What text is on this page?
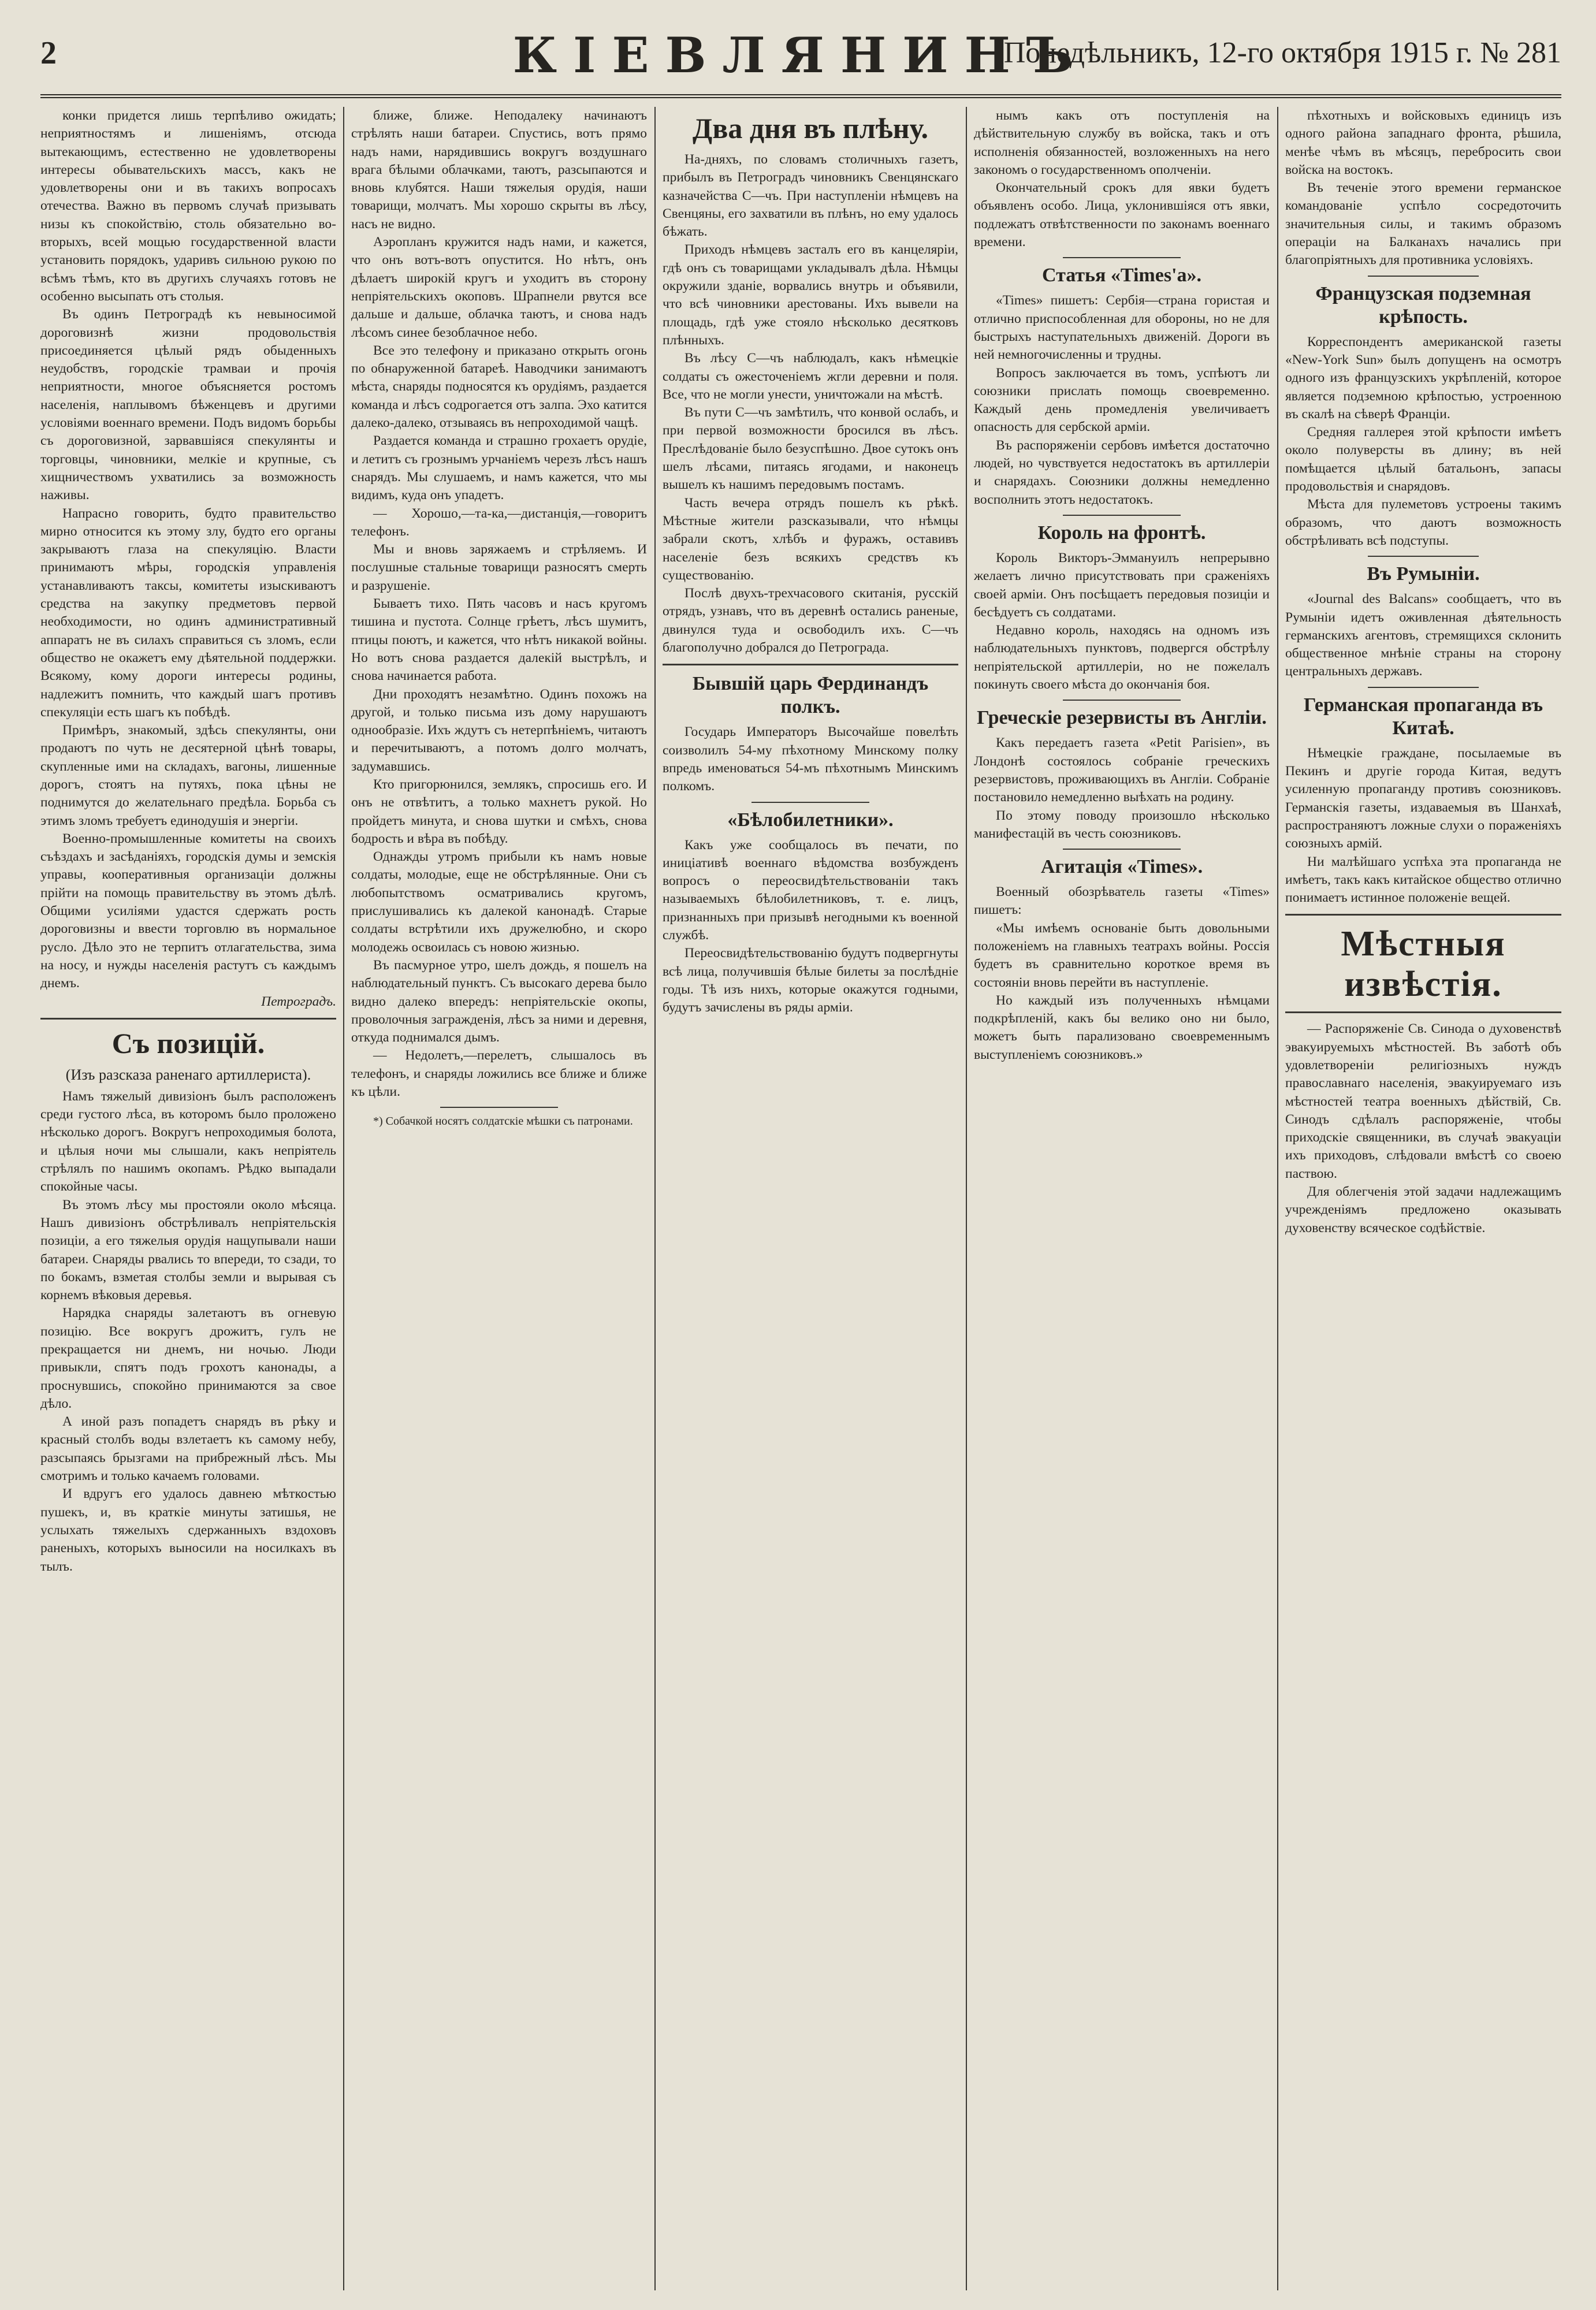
2	КІЕВЛЯНИНЪ
Понедѣльникъ, 12-го октября 1915 г. № 281

конки придется лишь терпѣливо ожидать; неприятностямъ и лишеніямъ, отсюда вытекающимъ, естественно не удовлетворены интересы обывательскихъ массъ, какъ не удовлетворены они и въ такихъ вопросахъ отечества. Важно въ первомъ случаѣ призывать низы къ спокойствію, столь обязательно во-вторыхъ, всей мощью государственной власти установить порядокъ, ударивъ сильною рукою по всѣмъ тѣмъ, кто въ другихъ случаяхъ готовъ не особенно высыпать отъ столыя.

Въ одинъ Петроградѣ къ невыносимой дороговизнѣ жизни продовольствія присоединяется цѣлый рядъ обыденныхъ неудобствъ, городскіе трамваи и прочія неприятности, многое объясняется ростомъ населенія, наплывомъ бѣженцевъ и другими условіями военнаго времени. Подъ видомъ борьбы съ дороговизной, зарвавшіяся спекулянты и торговцы, чиновники, мелкіе и крупные, съ хищничествомъ ухватились за возможность наживы.

Напрасно говорить, будто правительство мирно относится къ этому злу, будто его органы закрываютъ глаза на спекуляцію. Власти принимаютъ мѣры, городскія управленія устанавливаютъ таксы, комитеты изыскиваютъ средства на закупку предметовъ первой необходимости, но одинъ административный аппаратъ не въ силахъ справиться съ зломъ, если общество не окажетъ ему дѣятельной поддержки. Всякому, кому дороги интересы родины, надлежитъ помнить, что каждый шагъ противъ спекуляціи есть шагъ къ побѣдѣ.

Примѣръ, знакомый, здѣсь спекулянты, они продаютъ по чуть не десятерной цѣнѣ товары, скупленные ими на складахъ, вагоны, лишенные дорогъ, стоятъ на путяхъ, пока цѣны не поднимутся до желательнаго предѣла. Борьба съ этимъ зломъ требуетъ единодушія и энергіи.

Военно-промышленные комитеты на своихъ съѣздахъ и засѣданіяхъ, городскія думы и земскія управы, кооперативныя организаціи должны прійти на помощь правительству въ этомъ дѣлѣ. Общими усиліями удастся сдержать рость дороговизны и ввести торговлю въ нормальное русло. Дѣло это не терпитъ отлагательства, зима на носу, и нужды населенія растутъ съ каждымъ днемъ.

Петроградъ.
Съ позицій.
(Изъ разсказа раненаго артиллериста).

Намъ тяжелый дивизіонъ былъ расположенъ среди густого лѣса, въ которомъ было проложено нѣсколько дорогъ. Вокругъ непроходимыя болота, и цѣлыя ночи мы слышали, какъ непріятель стрѣлялъ по нашимъ окопамъ. Рѣдко выпадали спокойные часы.

Въ этомъ лѣсу мы простояли около мѣсяца. Нашъ дивизіонъ обстрѣливалъ непріятельскія позиціи, а его тяжелыя орудія нащупывали наши батареи. Снаряды рвались то впереди, то сзади, то по бокамъ, взметая столбы земли и вырывая съ корнемъ вѣковыя деревья.

Нарядка снаряды залетаютъ въ огневую позицію. Все вокругъ дрожитъ, гулъ не прекращается ни днемъ, ни ночью. Люди привыкли, спятъ подъ грохотъ канонады, а проснувшись, спокойно принимаются за свое дѣло.

А иной разъ попадетъ снарядъ въ рѣку и красный столбъ воды взлетаетъ къ самому небу, разсыпаясь брызгами на прибрежный лѣсъ. Мы смотримъ и только качаемъ головами.

И вдругъ его удалось давнею мѣткостью пушекъ, и, въ краткіе минуты затишья, не услыхать тяжелыхъ сдержанныхъ вздоховъ раненыхъ, которыхъ выносили на носилкахъ въ тылъ.

ближе, ближе. Неподалеку начинаютъ стрѣлять наши батареи. Спустись, вотъ прямо надъ нами, нарядившись вокругъ воздушнаго врага бѣлыми облачками, таютъ, разсыпаются и вновь клубятся. Наши тяжелыя орудія, наши товарищи, молчатъ. Мы хорошо скрыты въ лѣсу, насъ не видно.

Аэропланъ кружится надъ нами, и кажется, что онъ вотъ-вотъ опустится. Но нѣтъ, онъ дѣлаетъ широкій кругъ и уходитъ въ сторону непріятельскихъ окоповъ. Шрапнели рвутся все дальше и дальше, облачка таютъ, и снова надъ лѣсомъ синее безоблачное небо.

Все это телефону и приказано открыть огонь по обнаруженной батареѣ. Наводчики занимаютъ мѣста, снаряды подносятся къ орудіямъ, раздается команда и лѣсъ содрогается отъ залпа. Эхо катится далеко-далеко, отзываясь въ непроходимой чащѣ.

Раздается команда и страшно грохаетъ орудіе, и летитъ съ грознымъ урчаніемъ черезъ лѣсъ нашъ снарядъ. Мы слушаемъ, и намъ кажется, что мы видимъ, куда онъ упадетъ.

— Хорошо,—та-ка,—дистанція,—говоритъ телефонъ.

Мы и вновь заряжаемъ и стрѣляемъ. И послушные стальные товарищи разносятъ смерть и разрушеніе.

Бываетъ тихо. Пять часовъ и насъ кругомъ тишина и пустота. Солнце грѣетъ, лѣсъ шумитъ, птицы поютъ, и кажется, что нѣтъ никакой войны. Но вотъ снова раздается далекій выстрѣлъ, и снова начинается работа.

Дни проходятъ незамѣтно. Одинъ похожъ на другой, и только письма изъ дому нарушаютъ однообразіе. Ихъ ждутъ съ нетерпѣніемъ, читаютъ и перечитываютъ, а потомъ долго молчатъ, задумавшись.

Кто пригорюнился, землякъ, спросишь его. И онъ не отвѣтитъ, а только махнетъ рукой. Но пройдетъ минута, и снова шутки и смѣхъ, снова бодрость и вѣра въ побѣду.

Однажды утромъ прибыли къ намъ новые солдаты, молодые, еще не обстрѣлянные. Они съ любопытствомъ осматривались кругомъ, прислушивались къ далекой канонадѣ. Старые солдаты встрѣтили ихъ дружелюбно, и скоро молодежь освоилась съ новою жизнью.

Въ пасмурное утро, шелъ дождь, я пошелъ на наблюдательный пунктъ. Съ высокаго дерева было видно далеко впередъ: непріятельскіе окопы, проволочныя загражденія, лѣсъ за ними и деревня, откуда поднимался дымъ.

— Недолетъ,—перелетъ, слышалось въ телефонъ, и снаряды ложились все ближе и ближе къ цѣли.

*) Собачкой носятъ солдатскіе мѣшки съ патронами.

Два дня въ плѣну.

На-дняхъ, по словамъ столичныхъ газетъ, прибылъ въ Петроградъ чиновникъ Свенцянскаго казначейства С—чъ. При наступленіи нѣмцевъ на Свенцяны, его захватили въ плѣнъ, но ему удалось бѣжать.

Приходъ нѣмцевъ засталъ его въ канцеляріи, гдѣ онъ съ товарищами укладывалъ дѣла. Нѣмцы окружили зданіе, ворвались внутрь и объявили, что всѣ чиновники арестованы. Ихъ вывели на площадь, гдѣ уже стояло нѣсколько десятковъ плѣнныхъ.

Въ лѣсу С—чъ наблюдалъ, какъ нѣмецкіе солдаты съ ожесточеніемъ жгли деревни и поля. Все, что не могли унести, уничтожали на мѣстѣ.

Въ пути С—чъ замѣтилъ, что конвой ослабъ, и при первой возможности бросился въ лѣсъ. Преслѣдованіе было безуспѣшно. Двое сутокъ онъ шелъ лѣсами, питаясь ягодами, и наконецъ вышелъ къ нашимъ передовымъ постамъ.

Часть вечера отрядъ пошелъ къ рѣкѣ. Мѣстные жители разсказывали, что нѣмцы забрали скотъ, хлѣбъ и фуражъ, оставивъ населеніе безъ всякихъ средствъ къ существованію.

Послѣ двухъ-трехчасового скитанія, русскій отрядъ, узнавъ, что въ деревнѣ остались раненые, двинулся туда и освободилъ ихъ. С—чъ благополучно добрался до Петрограда.

Бывшій царь Фердинандъ полкъ.

Государь Императоръ Высочайше повелѣть соизволилъ 54-му пѣхотному Минскому полку впредь именоваться 54-мъ пѣхотнымъ Минскимъ полкомъ.

«Бѣлобилетники».

Какъ уже сообщалось въ печати, по иниціативѣ военнаго вѣдомства возбужденъ вопросъ о переосвидѣтельствованіи такъ называемыхъ бѣлобилетниковъ, т. е. лицъ, признанныхъ при призывѣ негодными къ военной службѣ.

Переосвидѣтельствованію будутъ подвергнуты всѣ лица, получившія бѣлые билеты за послѣдніе годы. Тѣ изъ нихъ, которые окажутся годными, будутъ зачислены въ ряды арміи.

нымъ какъ отъ поступленія на дѣйствительную службу въ войска, такъ и отъ исполненія обязанностей, возложенныхъ на него закономъ о государственномъ ополченіи.

Окончательный срокъ для явки будетъ объявленъ особо. Лица, уклонившіяся отъ явки, подлежатъ отвѣтственности по законамъ военнаго времени.

Статья «Times'а».

«Times» пишетъ: Сербія—страна гористая и отлично приспособленная для обороны, но не для быстрыхъ наступательныхъ движеній. Дороги въ ней немногочисленны и трудны.

Вопросъ заключается въ томъ, успѣютъ ли союзники прислать помощь своевременно. Каждый день промедленія увеличиваетъ опасность для сербской арміи.

Въ распоряженіи сербовъ имѣется достаточно людей, но чувствуется недостатокъ въ артиллеріи и снарядахъ. Союзники должны немедленно восполнить этотъ недостатокъ.

Король на фронтѣ.

Король Викторъ-Эммануилъ непрерывно желаетъ лично присутствовать при сраженіяхъ своей арміи. Онъ посѣщаетъ передовыя позиціи и бесѣдуетъ съ солдатами.

Недавно король, находясь на одномъ изъ наблюдательныхъ пунктовъ, подвергся обстрѣлу непріятельской артиллеріи, но не пожелалъ покинуть своего мѣста до окончанія боя.

Греческіе резервисты въ Англіи.

Какъ передаетъ газета «Petit Parisien», въ Лондонѣ состоялось собраніе греческихъ резервистовъ, проживающихъ въ Англіи. Собраніе постановило немедленно выѣхать на родину.

По этому поводу произошло нѣсколько манифестацій въ честь союзниковъ.

Агитація «Times».

Военный обозрѣватель газеты «Times» пишетъ:

«Мы имѣемъ основаніе быть довольными положеніемъ на главныхъ театрахъ войны. Россія будетъ въ сравнительно короткое время въ состояніи вновь перейти въ наступленіе.

Но каждый изъ полученныхъ нѣмцами подкрѣпленій, какъ бы велико оно ни было, можетъ быть парализовано своевременнымъ выступленіемъ союзниковъ.»

пѣхотныхъ и войсковыхъ единицъ изъ одного района западнаго фронта, рѣшила, менѣе чѣмъ въ мѣсяцъ, перебросить свои войска на востокъ.

Въ теченіе этого времени германское командованіе успѣло сосредоточить значительныя силы, и такимъ образомъ операціи на Балканахъ начались при благопріятныхъ для противника условіяхъ.

Французская подземная крѣпость.

Корреспондентъ американской газеты «New-York Sun» былъ допущенъ на осмотръ одного изъ французскихъ укрѣпленій, которое является подземною крѣпостью, устроенною въ скалѣ на сѣверѣ Франціи.

Средняя галлерея этой крѣпости имѣетъ около полуверсты въ длину; въ ней помѣщается цѣлый батальонъ, запасы продовольствія и снарядовъ.

Мѣста для пулеметовъ устроены такимъ образомъ, что даютъ возможность обстрѣливать всѣ подступы.

Въ Румыніи.

«Journal des Balcans» сообщаетъ, что въ Румыніи идетъ оживленная дѣятельность германскихъ агентовъ, стремящихся склонить общественное мнѣніе страны на сторону центральныхъ державъ.

Германская пропаганда въ Китаѣ.

Нѣмецкіе граждане, посылаемые въ Пекинъ и другіе города Китая, ведутъ усиленную пропаганду противъ союзниковъ. Германскія газеты, издаваемыя въ Шанхаѣ, распространяютъ ложные слухи о пораженіяхъ союзныхъ армій.

Ни малѣйшаго успѣха эта пропаганда не имѣетъ, такъ какъ китайское общество отлично понимаетъ истинное положеніе вещей.

Мѣстныя извѣстія.

— Распоряженіе Св. Синода о духовенствѣ эвакуируемыхъ мѣстностей. Въ заботѣ объ удовлетвореніи религіозныхъ нуждъ православнаго населенія, эвакуируемаго изъ мѣстностей театра военныхъ дѣйствій, Св. Синодъ сдѣлалъ распоряженіе, чтобы приходскіе священники, въ случаѣ эвакуаціи ихъ приходовъ, слѣдовали вмѣстѣ со своею паствою.

Для облегченія этой задачи надлежащимъ учрежденіямъ предложено оказывать духовенству всяческое содѣйствіе.
